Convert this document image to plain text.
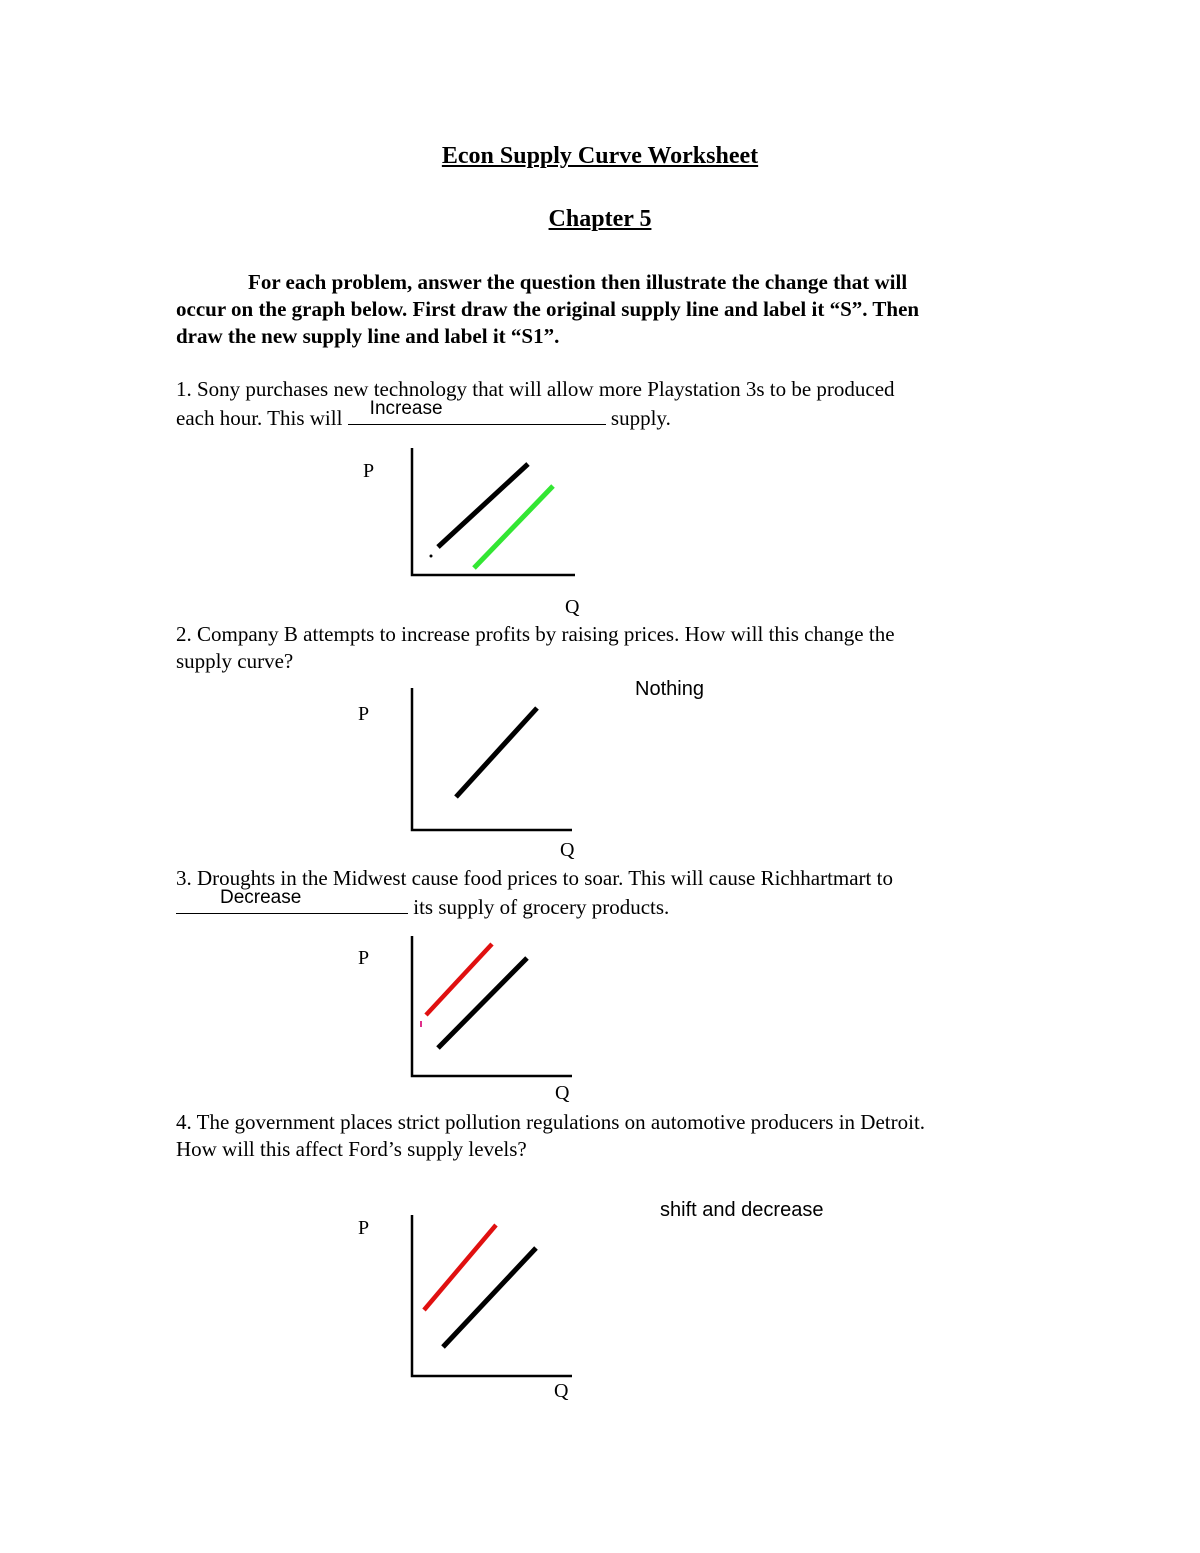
Econ Supply Curve Worksheet
Chapter 5
For each problem, answer the question then illustrate the change that will
occur on the graph below. First draw the original supply line and label it “S”. Then
draw the new supply line and label it “S1”.
1. Sony purchases new technology that will allow more Playstation 3s to be produced
each hour. This will Increase	supply.
P
Q
2. Company B attempts to increase profits by raising prices. How will this change the
supply curve?
Nothing
P
Q
3. Droughts in the Midwest cause food prices to soar. This will cause Richhartmart to
Decrease	its supply of grocery products.
P
Q
4. The government places strict pollution regulations on automotive producers in Detroit.
How will this affect Ford’s supply levels?
shift and decrease
P
Q
